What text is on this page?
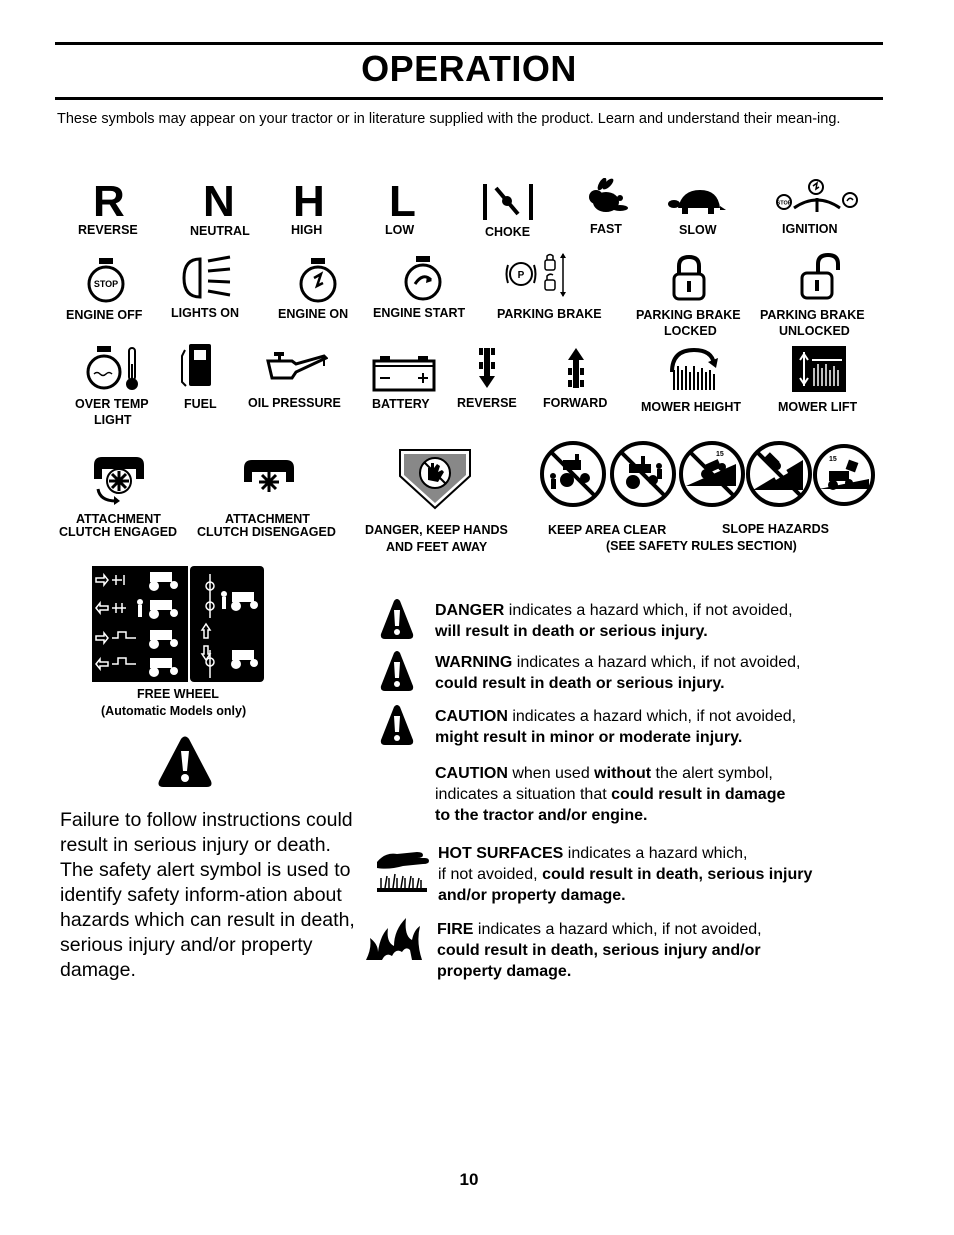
OPERATION
These symbols may appear on your tractor or in literature supplied with the product. Learn and understand their mean-ing.
R
REVERSE
N
NEUTRAL
H
HIGH
L
LOW	CHOKE	FAST	SLOW
STOP
IGNITION
STOP
ENGINE OFF LIGHTS ON	ENGINE ON ENGINE START
P
PARKING BRAKE	PARKING BRAKE
LOCKED
PARKING BRAKE
UNLOCKED
OVER TEMP
LIGHT
FUEL	OIL PRESSURE BATTERY REVERSE FORWARD	MOWER HEIGHT	MOWER LIFT
ATTACHMENT
CLUTCH ENGAGED
ATTACHMENT
CLUTCH DISENGAGED DANGER, KEEP HANDS
AND FEET AWAY
15
15
KEEP AREA CLEAR	SLOPE HAZARDS
(SEE SAFETY RULES SECTION)
FREE WHEEL
(Automatic Models only)
Failure to follow instructions could result in serious injury or death. The safety alert symbol is used to identify safety inform-ation about hazards which can result in death, serious injury and/or property damage.
DANGER indicates a hazard which, if not avoided,
will result in death or serious injury.
WARNING indicates a hazard which, if not avoided,
could result in death or serious injury.
CAUTION indicates a hazard which, if not avoided,
might result in minor or moderate injury.
CAUTION when used without the alert symbol,
indicates a situation that could result in damage
to the tractor and/or engine.
HOT SURFACES indicates a hazard which,
if not avoided, could result in death, serious injury
and/or property damage.
FIRE indicates a hazard which, if not avoided,
could result in death, serious injury and/or
property damage.
10
